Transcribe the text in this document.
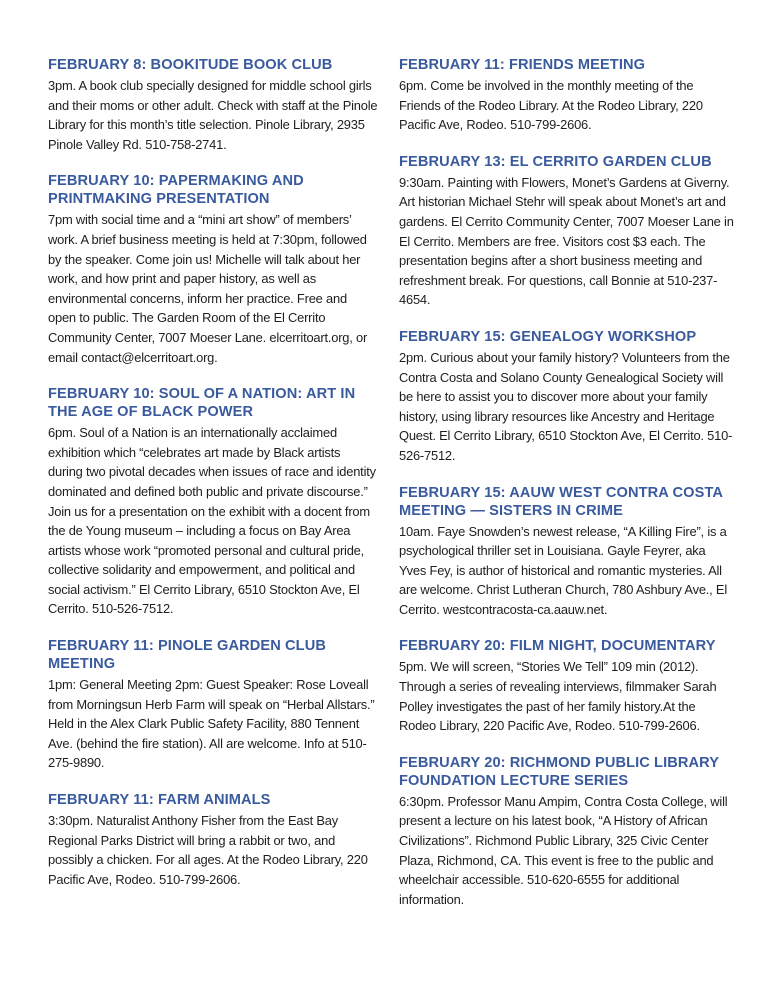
FEBRUARY 8: BOOKITUDE BOOK CLUB

3pm. A book club specially designed for middle school girls and their moms or other adult. Check with staff at the Pinole Library for this month’s title selection. Pinole Library, 2935 Pinole Valley Rd. 510-758-2741.

FEBRUARY 10: PAPERMAKING AND PRINTMAKING PRESENTATION

7pm with social time and a “mini art show” of members’ work. A brief business meeting is held at 7:30pm, followed by the speaker. Come join us! Michelle will talk about her work, and how print and paper history, as well as environmental concerns, inform her practice. Free and open to public. The Garden Room of the El Cerrito Community Center, 7007 Moeser Lane. elcerritoart.org, or email contact@elcerritoart.org.

FEBRUARY 10: SOUL OF A NATION: ART IN THE AGE OF BLACK POWER

6pm. Soul of a Nation is an internationally acclaimed exhibition which “celebrates art made by Black artists during two pivotal decades when issues of race and identity dominated and defined both public and private discourse.” Join us for a presentation on the exhibit with a docent from the de Young museum – including a focus on Bay Area artists whose work “promoted personal and cultural pride, collective solidarity and empowerment, and political and social activism.” El Cerrito Library, 6510 Stockton Ave, El Cerrito. 510-526-7512.

FEBRUARY 11: PINOLE GARDEN CLUB MEETING

1pm: General Meeting 2pm: Guest Speaker: Rose Loveall from Morningsun Herb Farm will speak on “Herbal Allstars.” Held in the Alex Clark Public Safety Facility, 880 Tennent Ave. (behind the fire station). All are welcome. Info at 510-275-9890.

FEBRUARY 11: FARM ANIMALS

3:30pm. Naturalist Anthony Fisher from the East Bay Regional Parks District will bring a rabbit or two, and possibly a chicken. For all ages. At the Rodeo Library, 220 Pacific Ave, Rodeo. 510-799-2606.

FEBRUARY 11: FRIENDS MEETING

6pm. Come be involved in the monthly meeting of the Friends of the Rodeo Library. At the Rodeo Library, 220 Pacific Ave, Rodeo. 510-799-2606.

FEBRUARY 13: EL CERRITO GARDEN CLUB

9:30am. Painting with Flowers, Monet’s Gardens at Giverny. Art historian Michael Stehr will speak about Monet’s art and gardens. El Cerrito Community Center, 7007 Moeser Lane in El Cerrito. Members are free. Visitors cost $3 each. The presentation begins after a short business meeting and refreshment break. For questions, call Bonnie at 510-237-4654.

FEBRUARY 15: GENEALOGY WORKSHOP

2pm. Curious about your family history? Volunteers from the Contra Costa and Solano County Genealogical Society will be here to assist you to discover more about your family history, using library resources like Ancestry and Heritage Quest. El Cerrito Library, 6510 Stockton Ave, El Cerrito. 510-526-7512.

FEBRUARY 15: AAUW WEST CONTRA COSTA MEETING — SISTERS IN CRIME

10am. Faye Snowden’s newest release, “A Killing Fire”, is a psychological thriller set in Louisiana. Gayle Feyrer, aka Yves Fey, is author of historical and romantic mysteries. All are welcome. Christ Lutheran Church, 780 Ashbury Ave., El Cerrito. westcontracosta-ca.aauw.net.

FEBRUARY 20: FILM NIGHT, DOCUMENTARY

5pm. We will screen, “Stories We Tell” 109 min (2012). Through a series of revealing interviews, filmmaker Sarah Polley investigates the past of her family history.At the Rodeo Library, 220 Pacific Ave, Rodeo. 510-799-2606.

FEBRUARY 20: RICHMOND PUBLIC LIBRARY FOUNDATION LECTURE SERIES

6:30pm. Professor Manu Ampim, Contra Costa College, will present a lecture on his latest book, “A History of African Civilizations”. Richmond Public Library, 325 Civic Center Plaza, Richmond, CA. This event is free to the public and wheelchair accessible. 510-620-6555 for additional information.
